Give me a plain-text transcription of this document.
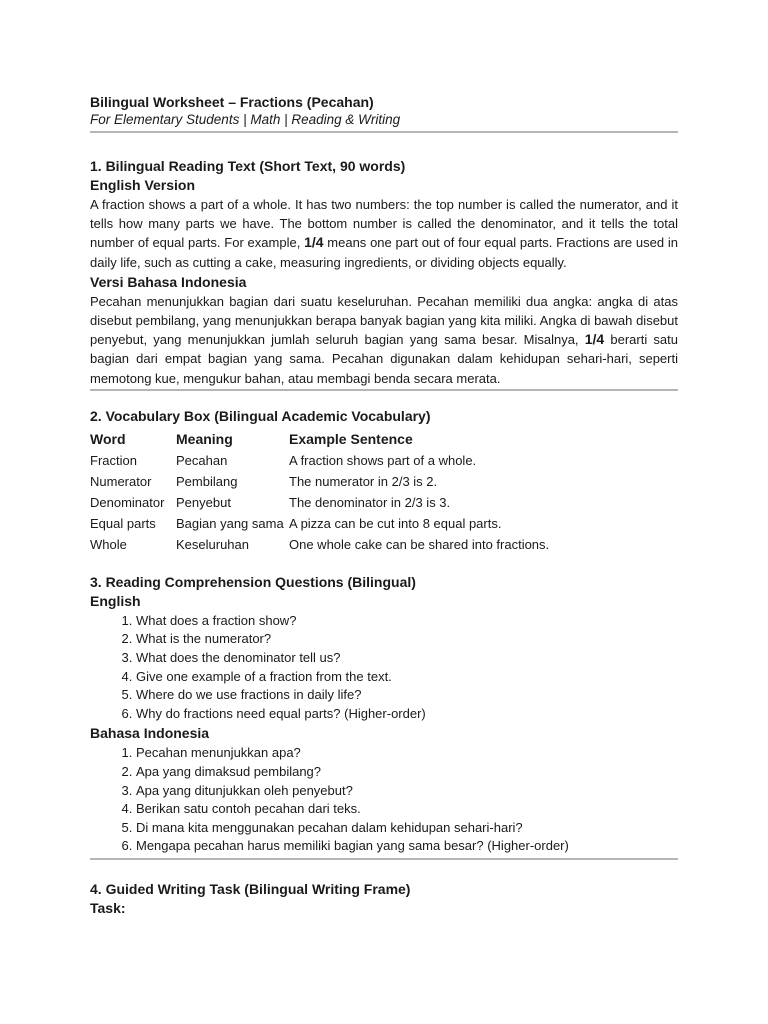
Bilingual Worksheet – Fractions (Pecahan)

For Elementary Students | Math | Reading & Writing

1. Bilingual Reading Text (Short Text, 90 words)

English Version

A fraction shows a part of a whole. It has two numbers: the top number is called the numerator, and it tells how many parts we have. The bottom number is called the denominator, and it tells the total number of equal parts. For example, 1/4 means one part out of four equal parts. Fractions are used in daily life, such as cutting a cake, measuring ingredients, or dividing objects equally.

Versi Bahasa Indonesia

Pecahan menunjukkan bagian dari suatu keseluruhan. Pecahan memiliki dua angka: angka di atas disebut pembilang, yang menunjukkan berapa banyak bagian yang kita miliki. Angka di bawah disebut penyebut, yang menunjukkan jumlah seluruh bagian yang sama besar. Misalnya, 1/4 berarti satu bagian dari empat bagian yang sama. Pecahan digunakan dalam kehidupan sehari-hari, seperti memotong kue, mengukur bahan, atau membagi benda secara merata.

2. Vocabulary Box (Bilingual Academic Vocabulary)

Word	Meaning	Example Sentence
Fraction	Pecahan	A fraction shows part of a whole.
Numerator	Pembilang	The numerator in 2/3 is 2.
Denominator	Penyebut	The denominator in 2/3 is 3.
Equal parts	Bagian yang sama	A pizza can be cut into 8 equal parts.
Whole	Keseluruhan	One whole cake can be shared into fractions.

3. Reading Comprehension Questions (Bilingual)

English

1. What does a fraction show?
2. What is the numerator?
3. What does the denominator tell us?
4. Give one example of a fraction from the text.
5. Where do we use fractions in daily life?
6. Why do fractions need equal parts? (Higher-order)

Bahasa Indonesia

1. Pecahan menunjukkan apa?
2. Apa yang dimaksud pembilang?
3. Apa yang ditunjukkan oleh penyebut?
4. Berikan satu contoh pecahan dari teks.
5. Di mana kita menggunakan pecahan dalam kehidupan sehari-hari?
6. Mengapa pecahan harus memiliki bagian yang sama besar? (Higher-order)

4. Guided Writing Task (Bilingual Writing Frame)

Task:
